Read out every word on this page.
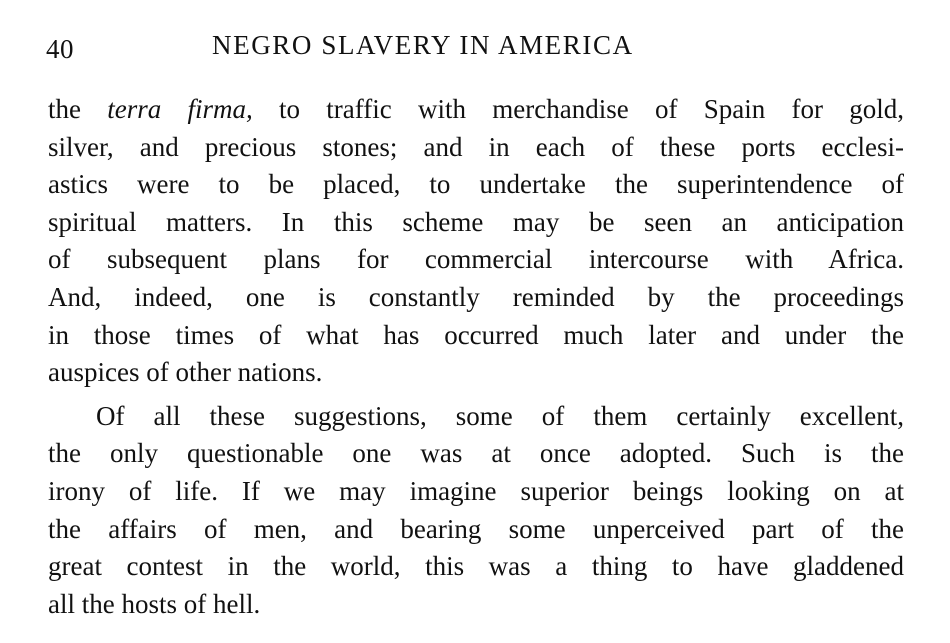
40	NEGRO SLAVERY IN AMERICA
the terra firma, to traffic with merchandise of Spain for gold,
silver, and precious stones; and in each of these ports ecclesi-
astics were to be placed, to undertake the superintendence of
spiritual matters. In this scheme may be seen an anticipation
of subsequent plans for commercial intercourse with Africa.
And, indeed, one is constantly reminded by the proceedings
in those times of what has occurred much later and under the
auspices of other nations.
Of all these suggestions, some of them certainly excellent,
the only questionable one was at once adopted. Such is the
irony of life. If we may imagine superior beings looking on at
the affairs of men, and bearing some unperceived part of the
great contest in the world, this was a thing to have gladdened
all the hosts of hell.
